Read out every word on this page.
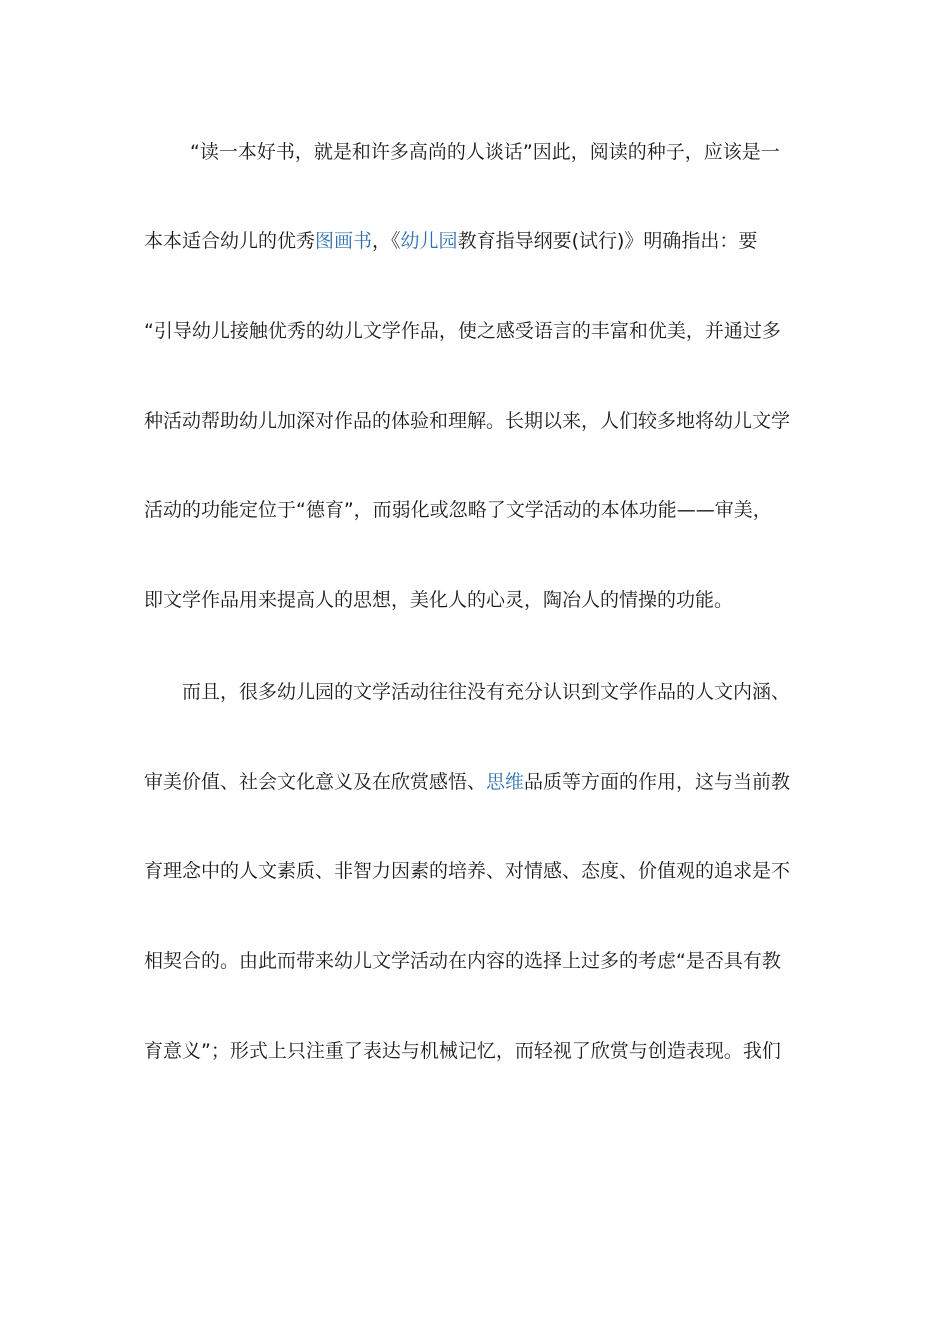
“读一本好书，就是和许多高尚的人谈话”因此，阅读的种子，应该是一
本本适合幼儿的优秀图画书，《幼儿园教育指导纲要(试行)》明确指出：要
“引导幼儿接触优秀的幼儿文学作品，使之感受语言的丰富和优美，并通过多
种活动帮助幼儿加深对作品的体验和理解。长期以来，人们较多地将幼儿文学
活动的功能定位于“德育”，而弱化或忽略了文学活动的本体功能——审美，
即文学作品用来提高人的思想，美化人的心灵，陶冶人的情操的功能。
而且，很多幼儿园的文学活动往往没有充分认识到文学作品的人文内涵、
审美价值、社会文化意义及在欣赏感悟、思维品质等方面的作用，这与当前教
育理念中的人文素质、非智力因素的培养、对情感、态度、价值观的追求是不
相契合的。由此而带来幼儿文学活动在内容的选择上过多的考虑“是否具有教
育意义”；形式上只注重了表达与机械记忆，而轻视了欣赏与创造表现。我们
